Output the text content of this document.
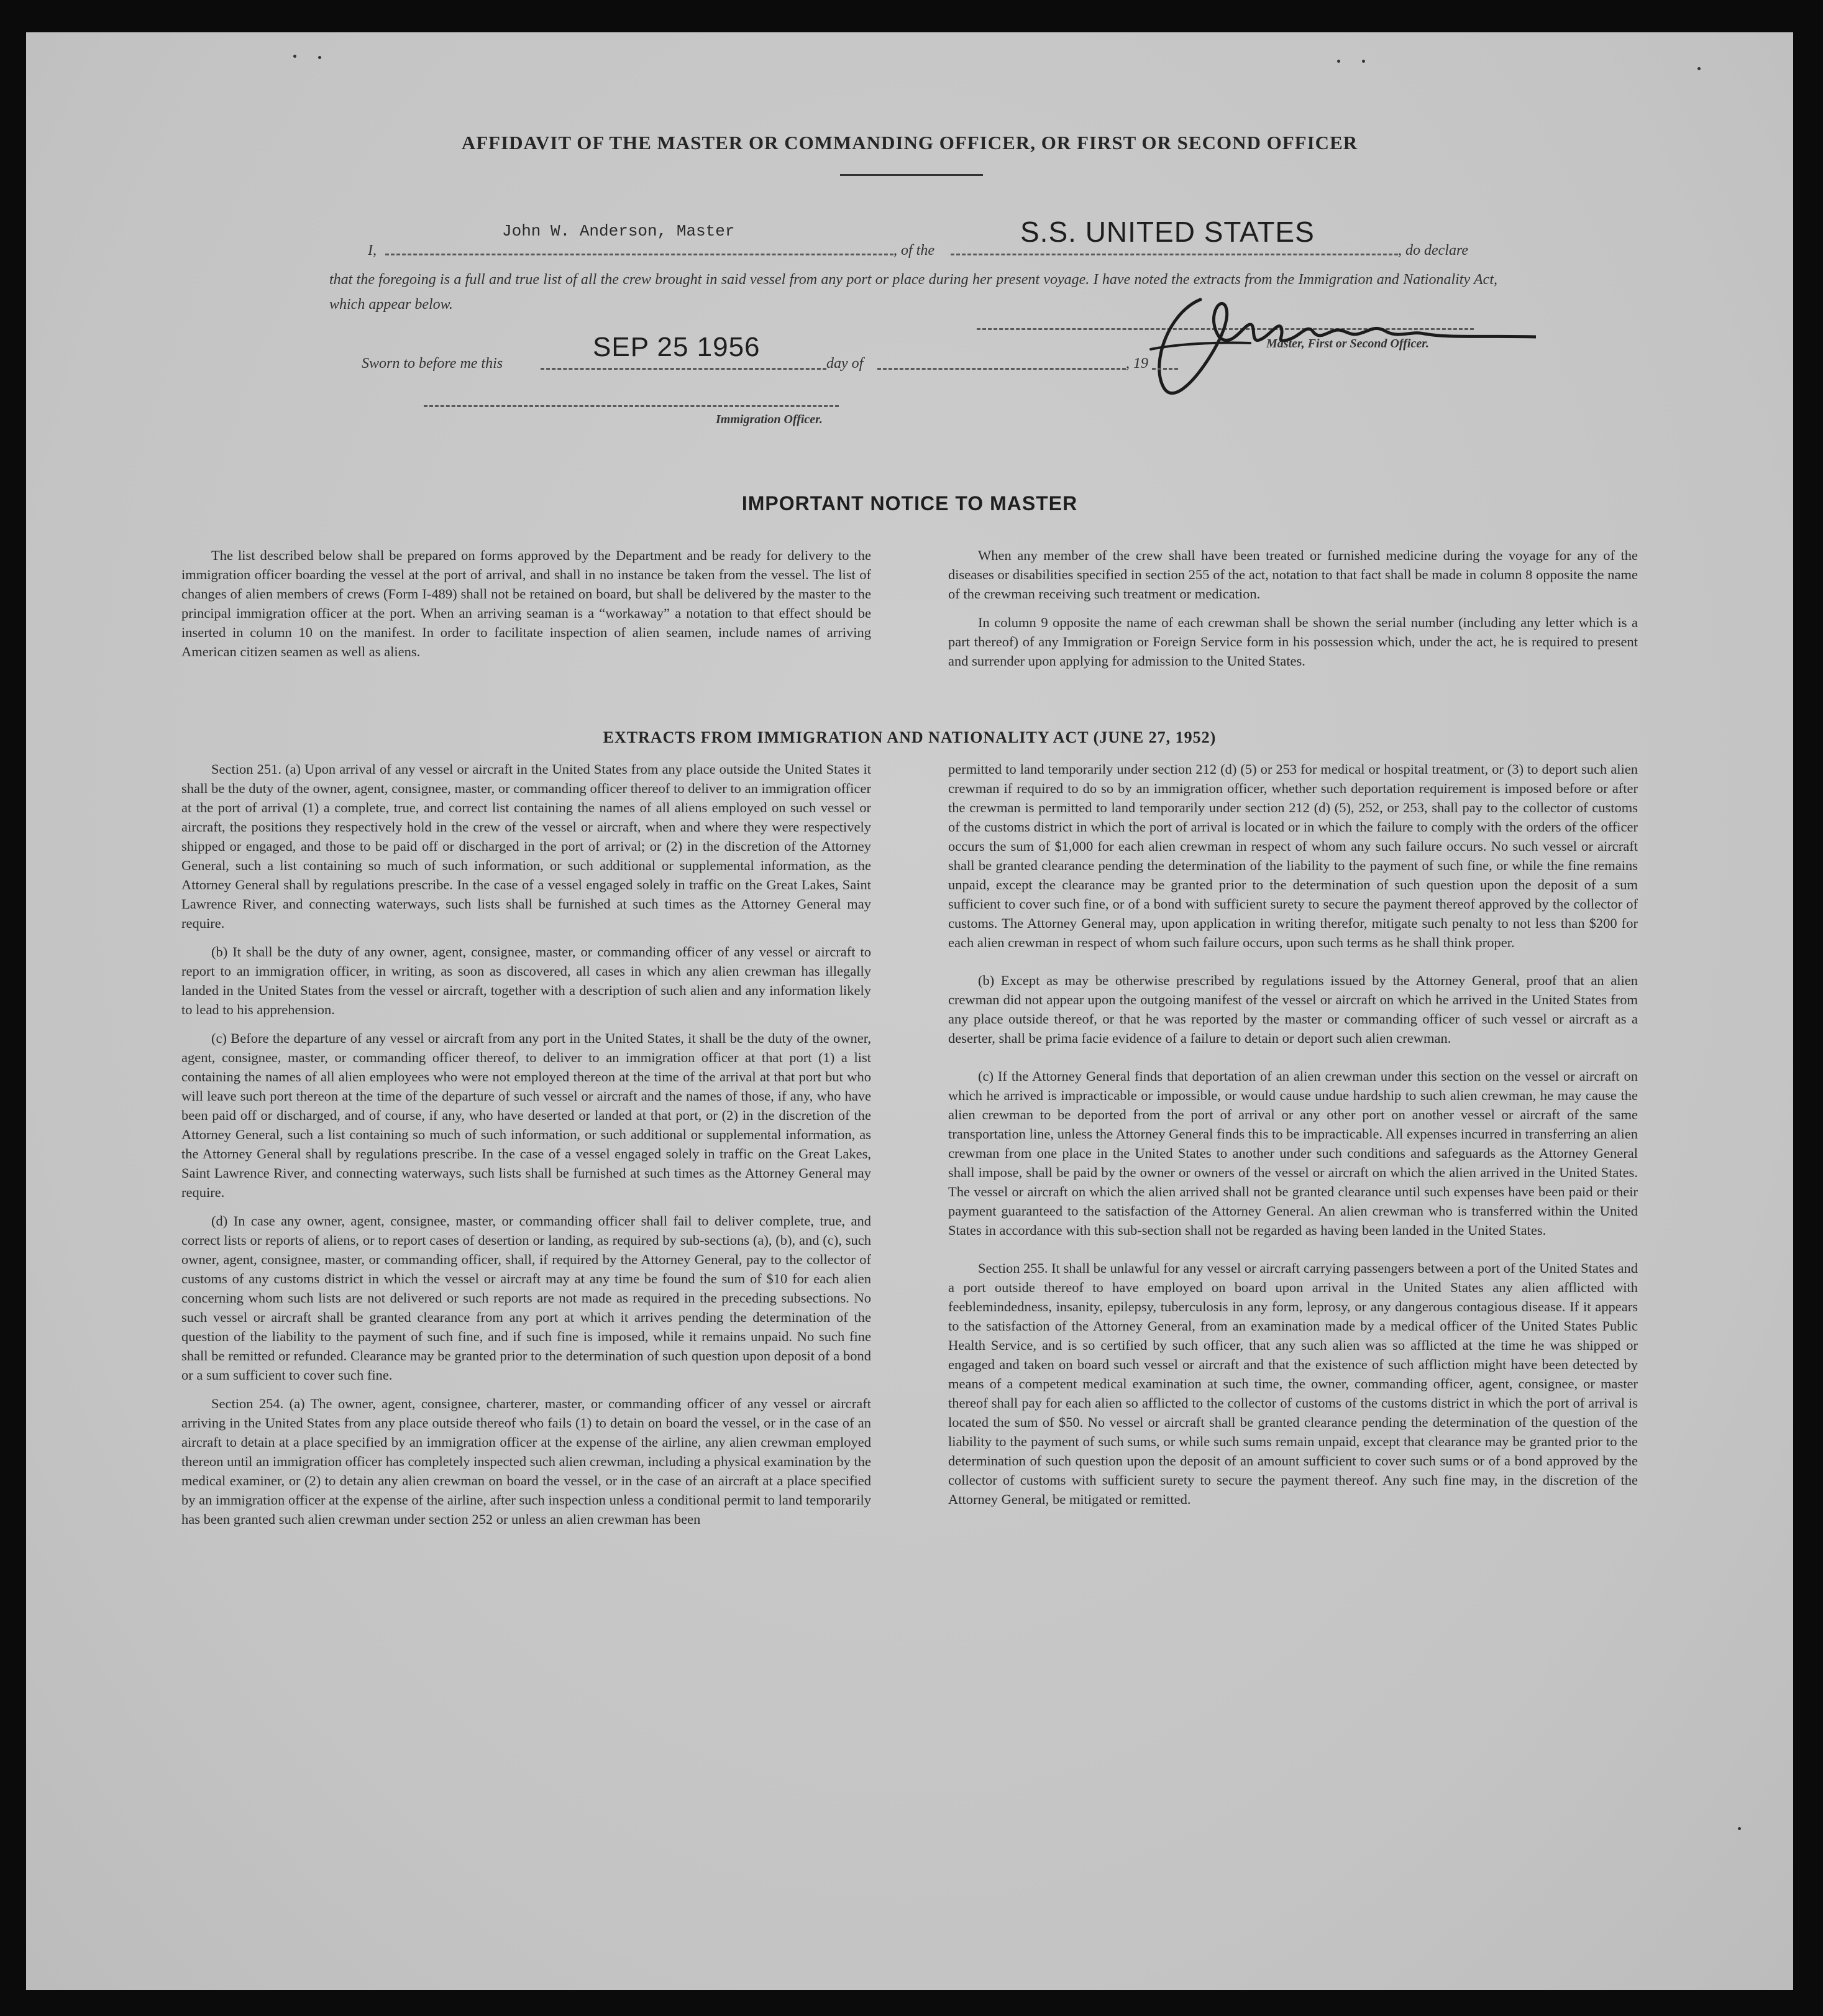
AFFIDAVIT OF THE MASTER OR COMMANDING OFFICER, OR FIRST OR SECOND OFFICER
I,
John W. Anderson, Master
, of the
S.S. UNITED STATES
, do declare
that the foregoing is a full and true list of all the crew brought in said vessel from any port or place during her present voyage. I have noted the extracts from the Immigration and Nationality Act, which appear below.
Master, First or Second Officer.
Sworn to before me this
SEP 25 1956
day of	, 19
Immigration Officer.
IMPORTANT NOTICE TO MASTER

The list described below shall be prepared on forms approved by the Department and be ready for delivery to the immigration officer boarding the vessel at the port of arrival, and shall in no instance be taken from the vessel. The list of changes of alien members of crews (Form I-489) shall not be retained on board, but shall be delivered by the master to the principal immigration officer at the port. When an arriving seaman is a “workaway” a notation to that effect should be inserted in column 10 on the manifest. In order to facilitate inspection of alien seamen, include names of arriving American citizen seamen as well as aliens.

When any member of the crew shall have been treated or furnished medicine during the voyage for any of the diseases or disabilities specified in section 255 of the act, notation to that fact shall be made in column 8 opposite the name of the crewman receiving such treatment or medication.

In column 9 opposite the name of each crewman shall be shown the serial number (including any letter which is a part thereof) of any Immigration or Foreign Service form in his possession which, under the act, he is required to present and surrender upon applying for admission to the United States.

EXTRACTS FROM IMMIGRATION AND NATIONALITY ACT (JUNE 27, 1952)

Section 251. (a) Upon arrival of any vessel or aircraft in the United States from any place outside the United States it shall be the duty of the owner, agent, consignee, master, or commanding officer thereof to deliver to an immigration officer at the port of arrival (1) a complete, true, and correct list containing the names of all aliens employed on such vessel or aircraft, the positions they respectively hold in the crew of the vessel or aircraft, when and where they were respectively shipped or engaged, and those to be paid off or discharged in the port of arrival; or (2) in the discretion of the Attorney General, such a list containing so much of such information, or such additional or supplemental information, as the Attorney General shall by regulations prescribe. In the case of a vessel engaged solely in traffic on the Great Lakes, Saint Lawrence River, and connecting waterways, such lists shall be furnished at such times as the Attorney General may require.

(b) It shall be the duty of any owner, agent, consignee, master, or commanding officer of any vessel or aircraft to report to an immigration officer, in writing, as soon as discovered, all cases in which any alien crewman has illegally landed in the United States from the vessel or aircraft, together with a description of such alien and any information likely to lead to his apprehension.

(c) Before the departure of any vessel or aircraft from any port in the United States, it shall be the duty of the owner, agent, consignee, master, or commanding officer thereof, to deliver to an immigration officer at that port (1) a list containing the names of all alien employees who were not employed thereon at the time of the arrival at that port but who will leave such port thereon at the time of the departure of such vessel or aircraft and the names of those, if any, who have been paid off or discharged, and of course, if any, who have deserted or landed at that port, or (2) in the discretion of the Attorney General, such a list containing so much of such information, or such additional or supplemental information, as the Attorney General shall by regulations prescribe. In the case of a vessel engaged solely in traffic on the Great Lakes, Saint Lawrence River, and connecting waterways, such lists shall be furnished at such times as the Attorney General may require.

(d) In case any owner, agent, consignee, master, or commanding officer shall fail to deliver complete, true, and correct lists or reports of aliens, or to report cases of desertion or landing, as required by sub-sections (a), (b), and (c), such owner, agent, consignee, master, or commanding officer, shall, if required by the Attorney General, pay to the collector of customs of any customs district in which the vessel or aircraft may at any time be found the sum of $10 for each alien concerning whom such lists are not delivered or such reports are not made as required in the preceding subsections. No such vessel or aircraft shall be granted clearance from any port at which it arrives pending the determination of the question of the liability to the payment of such fine, and if such fine is imposed, while it remains unpaid. No such fine shall be remitted or refunded. Clearance may be granted prior to the determination of such question upon deposit of a bond or a sum sufficient to cover such fine.

Section 254. (a) The owner, agent, consignee, charterer, master, or commanding officer of any vessel or aircraft arriving in the United States from any place outside thereof who fails (1) to detain on board the vessel, or in the case of an aircraft to detain at a place specified by an immigration officer at the expense of the airline, any alien crewman employed thereon until an immigration officer has completely inspected such alien crewman, including a physical examination by the medical examiner, or (2) to detain any alien crewman on board the vessel, or in the case of an aircraft at a place specified by an immigration officer at the expense of the airline, after such inspection unless a conditional permit to land temporarily has been granted such alien crewman under section 252 or unless an alien crewman has been

permitted to land temporarily under section 212 (d) (5) or 253 for medical or hospital treatment, or (3) to deport such alien crewman if required to do so by an immigration officer, whether such deportation requirement is imposed before or after the crewman is permitted to land temporarily under section 212 (d) (5), 252, or 253, shall pay to the collector of customs of the customs district in which the port of arrival is located or in which the failure to comply with the orders of the officer occurs the sum of $1,000 for each alien crewman in respect of whom any such failure occurs. No such vessel or aircraft shall be granted clearance pending the determination of the liability to the payment of such fine, or while the fine remains unpaid, except the clearance may be granted prior to the determination of such question upon the deposit of a sum sufficient to cover such fine, or of a bond with sufficient surety to secure the payment thereof approved by the collector of customs. The Attorney General may, upon application in writing therefor, mitigate such penalty to not less than $200 for each alien crewman in respect of whom such failure occurs, upon such terms as he shall think proper.

(b) Except as may be otherwise prescribed by regulations issued by the Attorney General, proof that an alien crewman did not appear upon the outgoing manifest of the vessel or aircraft on which he arrived in the United States from any place outside thereof, or that he was reported by the master or commanding officer of such vessel or aircraft as a deserter, shall be prima facie evidence of a failure to detain or deport such alien crewman.

(c) If the Attorney General finds that deportation of an alien crewman under this section on the vessel or aircraft on which he arrived is impracticable or impossible, or would cause undue hardship to such alien crewman, he may cause the alien crewman to be deported from the port of arrival or any other port on another vessel or aircraft of the same transportation line, unless the Attorney General finds this to be impracticable. All expenses incurred in transferring an alien crewman from one place in the United States to another under such conditions and safeguards as the Attorney General shall impose, shall be paid by the owner or owners of the vessel or aircraft on which the alien arrived in the United States. The vessel or aircraft on which the alien arrived shall not be granted clearance until such expenses have been paid or their payment guaranteed to the satisfaction of the Attorney General. An alien crewman who is transferred within the United States in accordance with this sub-section shall not be regarded as having been landed in the United States.

Section 255. It shall be unlawful for any vessel or aircraft carrying passengers between a port of the United States and a port outside thereof to have employed on board upon arrival in the United States any alien afflicted with feeblemindedness, insanity, epilepsy, tuberculosis in any form, leprosy, or any dangerous contagious disease. If it appears to the satisfaction of the Attorney General, from an examination made by a medical officer of the United States Public Health Service, and is so certified by such officer, that any such alien was so afflicted at the time he was shipped or engaged and taken on board such vessel or aircraft and that the existence of such affliction might have been detected by means of a competent medical examination at such time, the owner, commanding officer, agent, consignee, or master thereof shall pay for each alien so afflicted to the collector of customs of the customs district in which the port of arrival is located the sum of $50. No vessel or aircraft shall be granted clearance pending the determination of the question of the liability to the payment of such sums, or while such sums remain unpaid, except that clearance may be granted prior to the determination of such question upon the deposit of an amount sufficient to cover such sums or of a bond approved by the collector of customs with sufficient surety to secure the payment thereof. Any such fine may, in the discretion of the Attorney General, be mitigated or remitted.
